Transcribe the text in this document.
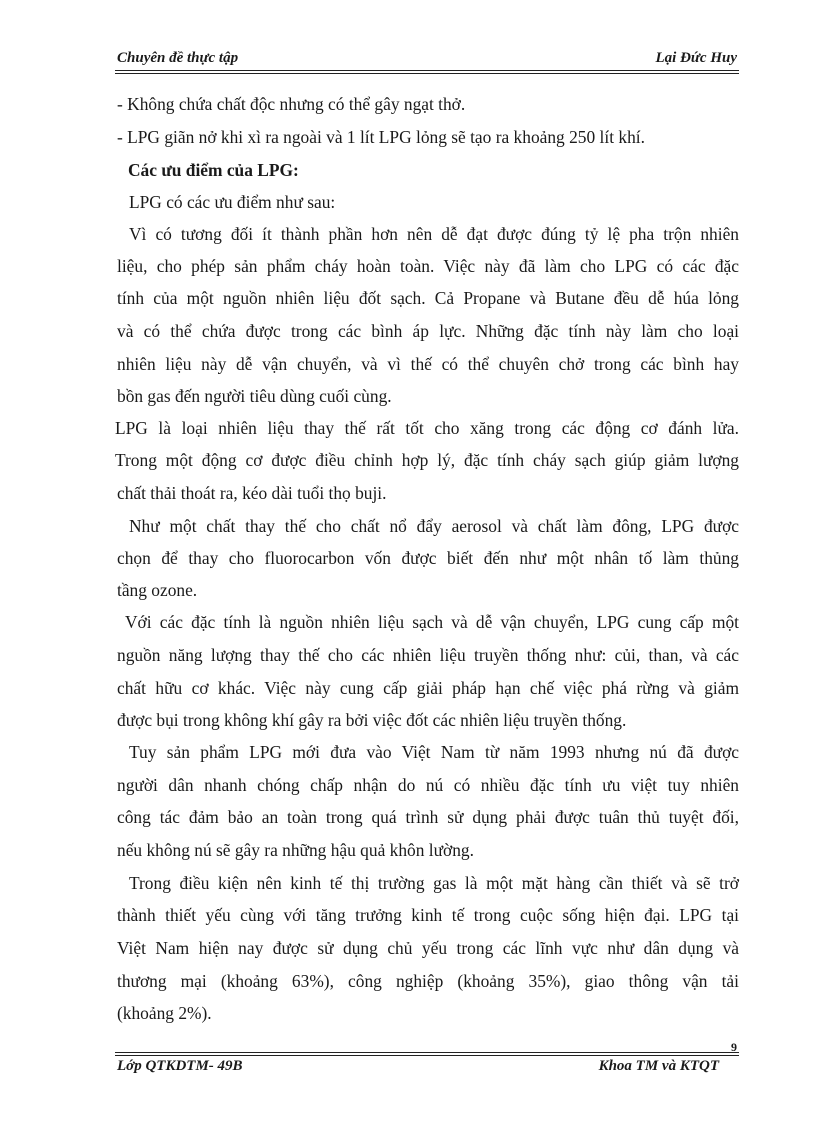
Chuyên đề thực tập	Lại Đức Huy
- Không chứa chất độc nhưng có thể gây ngạt thở.
- LPG giãn nở khi xì ra ngoài và 1 lít LPG lỏng sẽ tạo ra khoảng 250 lít khí.
Các ưu điểm của LPG:
LPG có các ưu điểm như sau:
Vì có tương đối ít thành phần hơn nên dễ đạt được đúng tỷ lệ pha trộn nhiên
liệu, cho phép sản phẩm cháy hoàn toàn. Việc này đã làm cho LPG có các đặc
tính của một nguồn nhiên liệu đốt sạch. Cả Propane và Butane đều dễ húa lỏng
và có thể chứa được trong các bình áp lực. Những đặc tính này làm cho loại
nhiên liệu này dễ vận chuyển, và vì thế có thể chuyên chở trong các bình hay
bồn gas đến người tiêu dùng cuối cùng.
LPG là loại nhiên liệu thay thế rất tốt cho xăng trong các động cơ đánh lửa.
Trong một động cơ được điều chỉnh hợp lý, đặc tính cháy sạch giúp giảm lượng
chất thải thoát ra, kéo dài tuổi thọ buji.
Như một chất thay thế cho chất nổ đẩy aerosol và chất làm đông, LPG được
chọn để thay cho fluorocarbon vốn được biết đến như một nhân tố làm thủng
tầng ozone.
Với các đặc tính là nguồn nhiên liệu sạch và dễ vận chuyển, LPG cung cấp một
nguồn năng lượng thay thế cho các nhiên liệu truyền thống như: củi, than, và các
chất hữu cơ khác. Việc này cung cấp giải pháp hạn chế việc phá rừng và giảm
được bụi trong không khí gây ra bởi việc đốt các nhiên liệu truyền thống.
Tuy sản phẩm LPG mới đưa vào Việt Nam từ năm 1993 nhưng nú đã được
người dân nhanh chóng chấp nhận do nú có nhiều đặc tính ưu việt tuy nhiên
công tác đảm bảo an toàn trong quá trình sử dụng phải được tuân thủ tuyệt đối,
nếu không nú sẽ gây ra những hậu quả khôn lường.
Trong điều kiện nên kinh tế thị trường gas là một mặt hàng cần thiết và sẽ trở
thành thiết yếu cùng với tăng trưởng kinh tế trong cuộc sống hiện đại. LPG tại
Việt Nam hiện nay được sử dụng chủ yếu trong các lĩnh vực như dân dụng và
thương mại (khoảng 63%), công nghiệp (khoảng 35%), giao thông vận tải
(khoảng 2%).
9
Lớp QTKDTM- 49B	Khoa TM và KTQT
